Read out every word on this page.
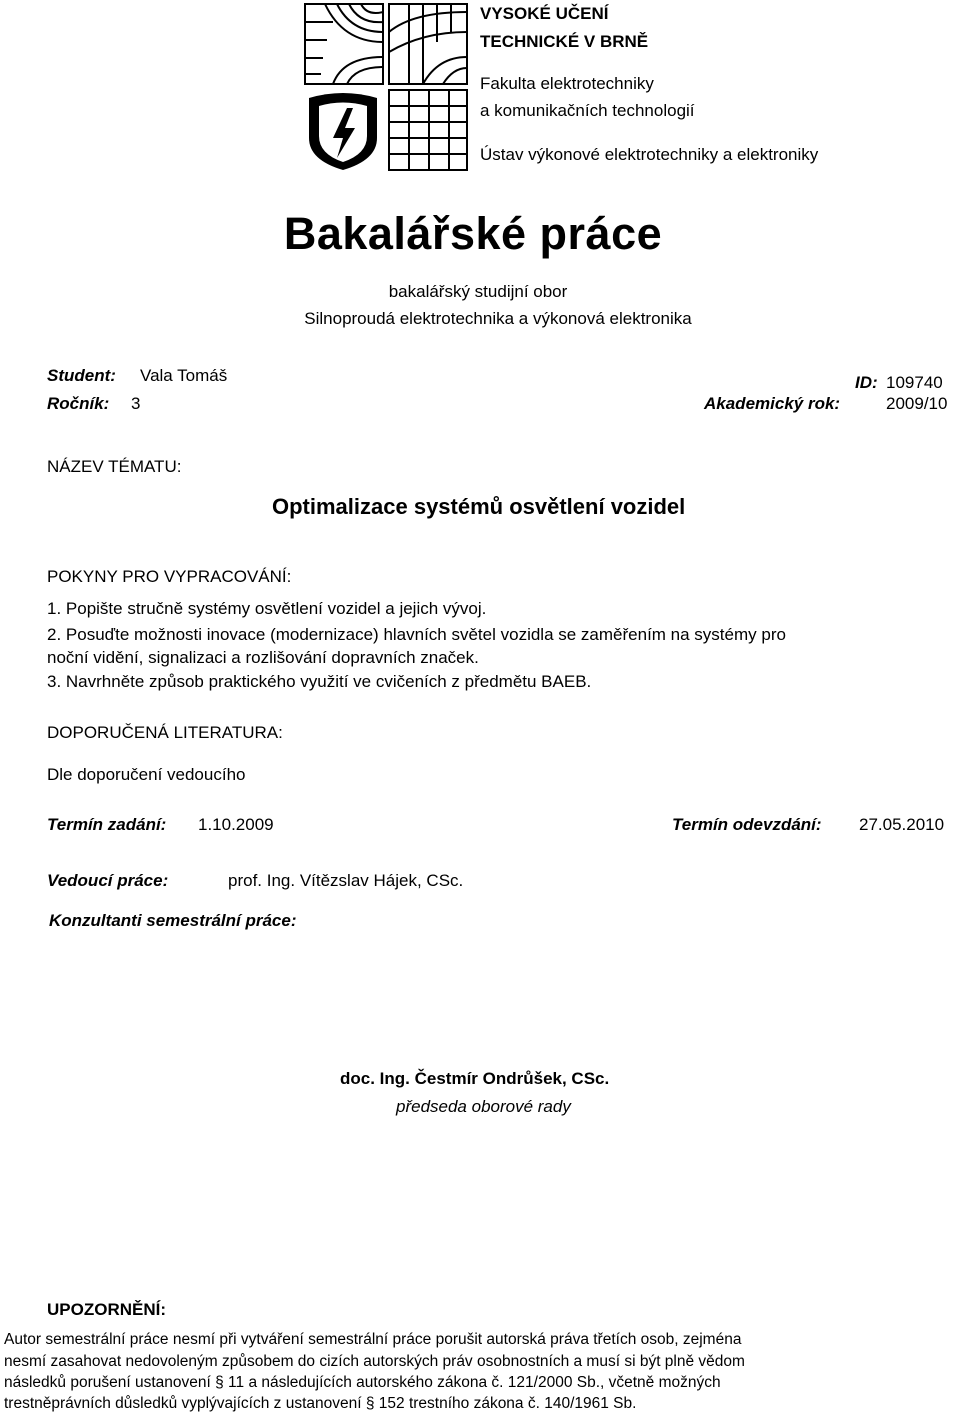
VYSOKÉ UČENÍ
TECHNICKÉ V BRNĚ
Fakulta elektrotechniky
a komunikačních technologií
Ústav výkonové elektrotechniky a elektroniky
Bakalářské práce
bakalářský studijní obor
Silnoproudá elektrotechnika a výkonová elektronika
Student: Vala Tomáš	ID: 109740
Ročník: 3	Akademický rok:	2009/10
NÁZEV TÉMATU:
Optimalizace systémů osvětlení vozidel
POKYNY PRO VYPRACOVÁNÍ:
1. Popište stručně systémy osvětlení vozidel a jejich vývoj.
2. Posuďte možnosti inovace (modernizace) hlavních světel vozidla se zaměřením na systémy pro
noční vidění, signalizaci a rozlišování dopravních značek.
3. Navrhněte způsob praktického využití ve cvičeních z předmětu BAEB.
DOPORUČENÁ LITERATURA:
Dle doporučení vedoucího
Termín zadání: 1.10.2009	Termín odevzdání: 27.05.2010
Vedoucí práce:	prof. Ing. Vítězslav Hájek, CSc.
Konzultanti semestrální práce:
doc. Ing. Čestmír Ondrůšek, CSc.
předseda oborové rady
UPOZORNĚNÍ:
Autor semestrální práce nesmí při vytváření semestrální práce porušit autorská práva třetích osob, zejména
nesmí zasahovat nedovoleným způsobem do cizích autorských práv osobnostních a musí si být plně vědom
následků porušení ustanovení § 11 a následujících autorského zákona č. 121/2000 Sb., včetně možných
trestněprávních důsledků vyplývajících z ustanovení § 152 trestního zákona č. 140/1961 Sb.
